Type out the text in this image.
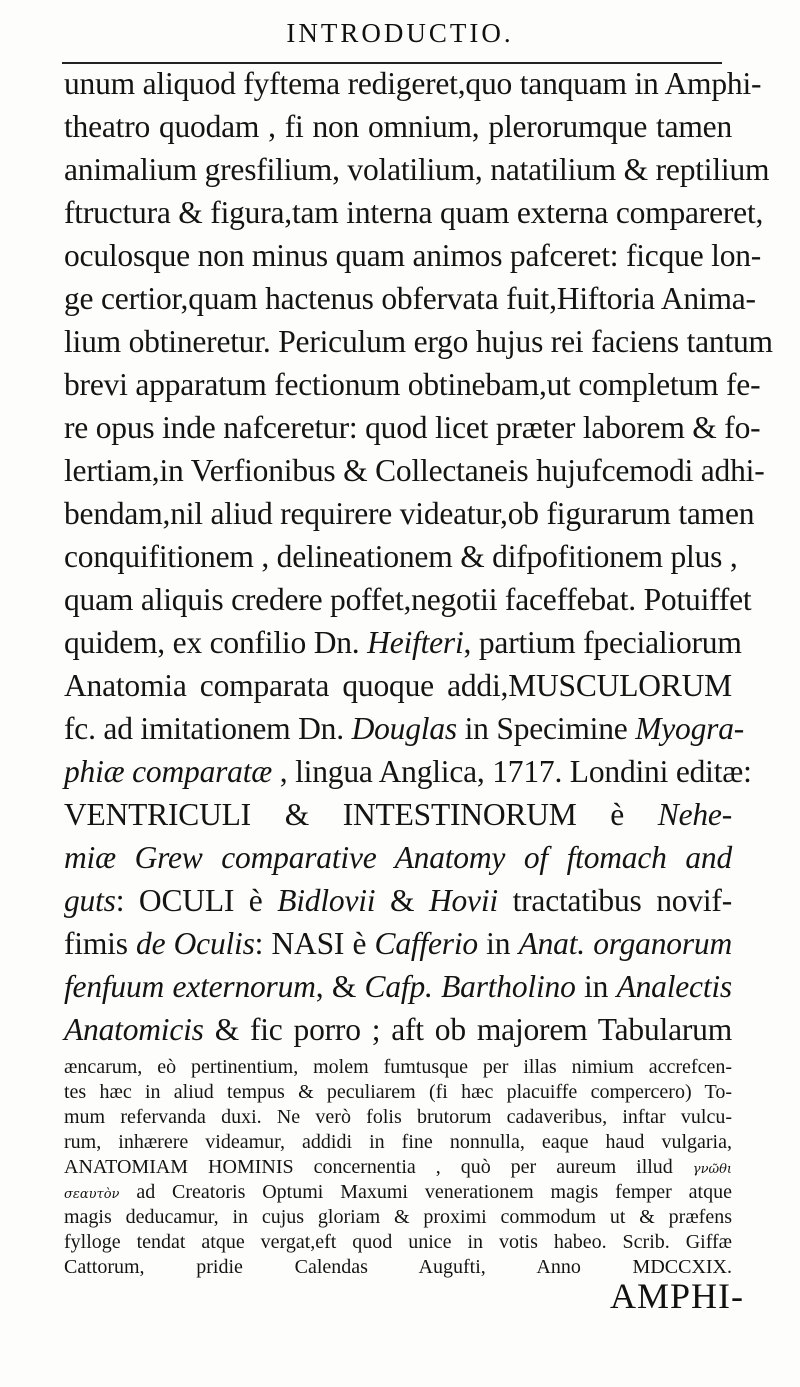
INTRODUCTIO.
unum aliquod fyftema redigeret,quo tanquam in Amphi-
theatro quodam , fi non omnium, plerorumque tamen
animalium gresfilium, volatilium, natatilium & reptilium
ftructura & figura,tam interna quam externa compareret,
oculosque non minus quam animos pafceret: ficque lon-
ge certior,quam hactenus obfervata fuit,Hiftoria Anima-
lium obtineretur. Periculum ergo hujus rei faciens tantum
brevi apparatum fectionum obtinebam,ut completum fe-
re opus inde nafceretur: quod licet præter laborem & fo-
lertiam,in Verfionibus & Collectaneis hujufcemodi adhi-
bendam,nil aliud requirere videatur,ob figurarum tamen
conquifitionem , delineationem & difpofitionem plus ,
quam aliquis credere poffet,negotii faceffebat. Potuiffet
quidem, ex confilio Dn. Heifteri, partium fpecialiorum
Anatomia comparata quoque addi,MUSCULORUM
fc. ad imitationem Dn. Douglas in Specimine Myogra-
phiæ comparatæ , lingua Anglica, 1717. Londini editæ:
VENTRICULI & INTESTINORUM è Nehe-
miæ Grew comparative Anatomy of ftomach and
guts: OCULI è Bidlovii & Hovii tractatibus novif-
fimis de Oculis: NASI è Cafferio in Anat. organorum
fenfuum externorum, & Cafp. Bartholino in Analectis
Anatomicis & fic porro ; aft ob majorem Tabularum
æncarum, eò pertinentium, molem fumtusque per illas nimium accrefcen-
tes hæc in aliud tempus & peculiarem (fi hæc placuiffe compercero) To-
mum refervanda duxi. Ne verò folis brutorum cadaveribus, inftar vulcu-
rum, inhærere videamur, addidi in fine nonnulla, eaque haud vulgaria,
ANATOMIAM HOMINIS concernentia , quò per aureum illud γνῶθι
σεαυτὸν ad Creatoris Optumi Maxumi venerationem magis femper atque
magis deducamur, in cujus gloriam & proximi commodum ut & præfens
fylloge tendat atque vergat,eft quod unice in votis habeo. Scrib. Giffæ
Cattorum, pridie Calendas Augufti, Anno MDCCXIX.
AMPHI-
